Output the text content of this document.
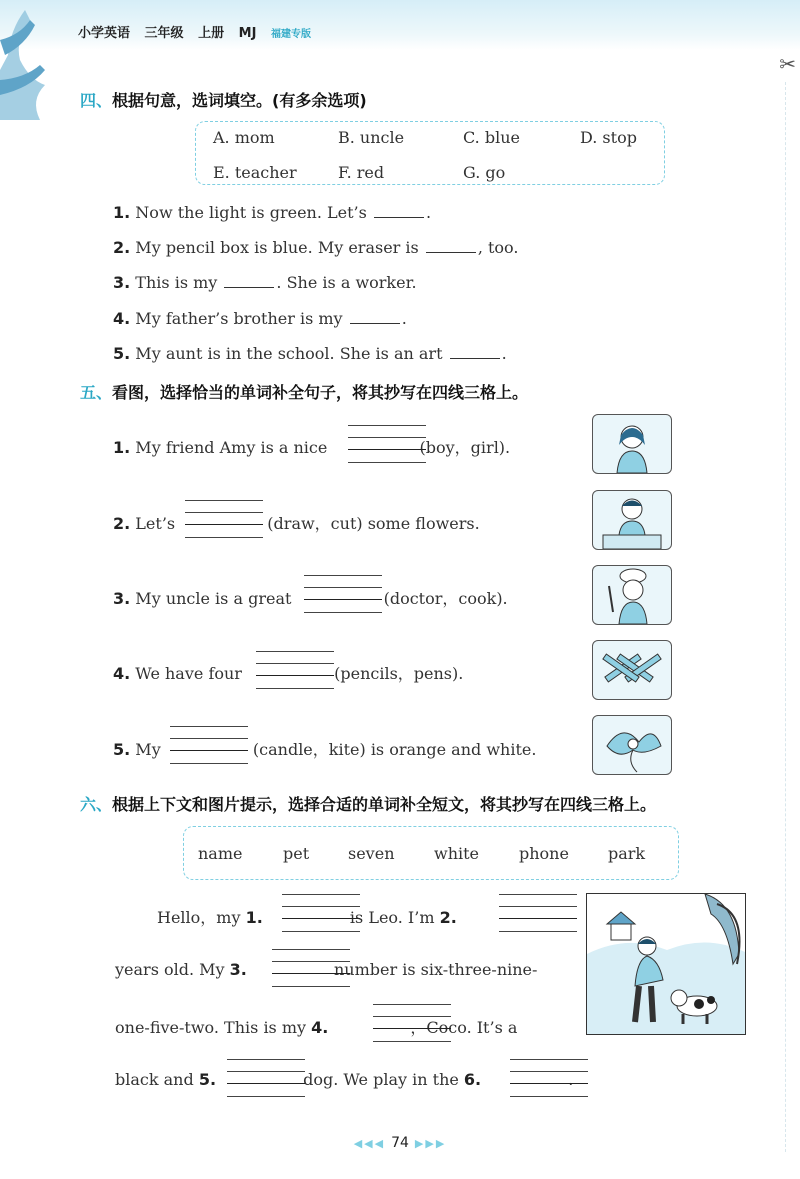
小学英语 三年级 上册 MJ 福建专版
✂
四、根据句意，选词填空。(有多余选项)
A. mom	B. uncle	C. blue	D. stop
E. teacher	F. red	G. go
1. Now the light is green. Let’s	.
2. My pencil box is blue. My eraser is	, too.
3. This is my	. She is a worker.
4. My father’s brother is my	.
5. My aunt is in the school. She is an art	.
五、看图，选择恰当的单词补全句子，将其抄写在四线三格上。
1. My friend Amy is a nice	(boy，girl).
2. Let’s	(draw，cut) some flowers.
3. My uncle is a great	(doctor，cook).
4. We have four	(pencils，pens).
5. My	(candle，kite) is orange and white.
六、根据上下文和图片提示，选择合适的单词补全短文，将其抄写在四线三格上。
name	pet seven white phone park
Hello，my 1.	is Leo. I’m 2.
years old. My 3.	number is six-three-nine-
one-five-two. This is my 4.	，Coco. It’s a
black and 5.	dog. We play in the 6.	.
◀◀◀ 74 ▶▶▶
